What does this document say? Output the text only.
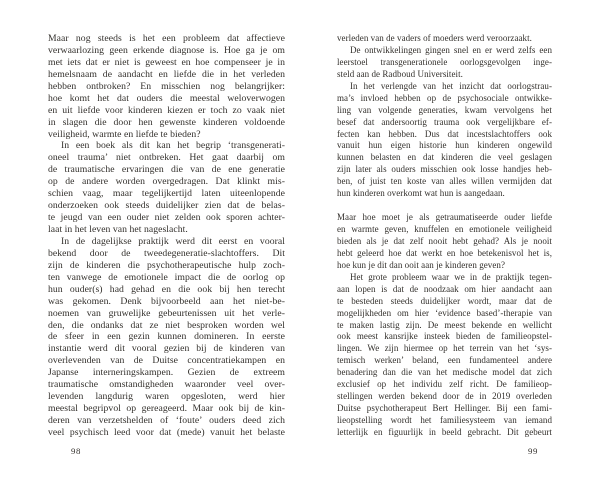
Maar nog steeds is het een probleem dat affectieve
verwaarlozing geen erkende diagnose is. Hoe ga je om
met iets dat er niet is geweest en hoe compenseer je in
hemelsnaam de aandacht en liefde die in het verleden
hebben ontbroken? En misschien nog belangrijker:
hoe komt het dat ouders die meestal weloverwogen
en uit liefde voor kinderen kiezen er toch zo vaak niet
in slagen die door hen gewenste kinderen voldoende
veiligheid, warmte en liefde te bieden?
In een boek als dit kan het begrip ‘transgenerati-
oneel trauma’ niet ontbreken. Het gaat daarbij om
de traumatische ervaringen die van de ene generatie
op de andere worden overgedragen. Dat klinkt mis-
schien vaag, maar tegelijkertijd laten uiteenlopende
onderzoeken ook steeds duidelijker zien dat de belas-
te jeugd van een ouder niet zelden ook sporen achter-
laat in het leven van het nageslacht.
In de dagelijkse praktijk werd dit eerst en vooral
bekend door de tweedegeneratie-slachtoffers. Dit
zijn de kinderen die psychotherapeutische hulp zoch-
ten vanwege de emotionele impact die de oorlog op
hun ouder(s) had gehad en die ook bij hen terecht
was gekomen. Denk bijvoorbeeld aan het niet-be-
noemen van gruwelijke gebeurtenissen uit het verle-
den, die ondanks dat ze niet besproken worden wel
de sfeer in een gezin kunnen domineren. In eerste
instantie werd dit vooral gezien bij de kinderen van
overlevenden van de Duitse concentratiekampen en
Japanse interneringskampen. Gezien de extreem
traumatische omstandigheden waaronder veel over-
levenden langdurig waren opgesloten, werd hier
meestal begripvol op gereageerd. Maar ook bij de kin-
deren van verzetshelden of ‘foute’ ouders deed zich
veel psychisch leed voor dat (mede) vanuit het belaste
98
verleden van de vaders of moeders werd veroorzaakt.
De ontwikkelingen gingen snel en er werd zelfs een
leerstoel transgenerationele oorlogsgevolgen inge-
steld aan de Radboud Universiteit.
In het verlengde van het inzicht dat oorlogstrau-
ma’s invloed hebben op de psychosociale ontwikke-
ling van volgende generaties, kwam vervolgens het
besef dat andersoortig trauma ook vergelijkbare ef-
fecten kan hebben. Dus dat incestslachtoffers ook
vanuit hun eigen historie hun kinderen ongewild
kunnen belasten en dat kinderen die veel geslagen
zijn later als ouders misschien ook losse handjes heb-
ben, of juist ten koste van alles willen vermijden dat
hun kinderen overkomt wat hun is aangedaan.
Maar hoe moet je als getraumatiseerde ouder liefde
en warmte geven, knuffelen en emotionele veiligheid
bieden als je dat zelf nooit hebt gehad? Als je nooit
hebt geleerd hoe dat werkt en hoe betekenisvol het is,
hoe kun je dit dan ooit aan je kinderen geven?
Het grote probleem waar we in de praktijk tegen-
aan lopen is dat de noodzaak om hier aandacht aan
te besteden steeds duidelijker wordt, maar dat de
mogelijkheden om hier ‘evidence based’-therapie van
te maken lastig zijn. De meest bekende en wellicht
ook meest kansrijke insteek bieden de familieopstel-
lingen. We zijn hiermee op het terrein van het ‘sys-
temisch werken’ beland, een fundamenteel andere
benadering dan die van het medische model dat zich
exclusief op het individu zelf richt. De familieop-
stellingen werden bekend door de in 2019 overleden
Duitse psychotherapeut Bert Hellinger. Bij een fami-
lieopstelling wordt het familiesysteem van iemand
letterlijk en figuurlijk in beeld gebracht. Dit gebeurt
99
